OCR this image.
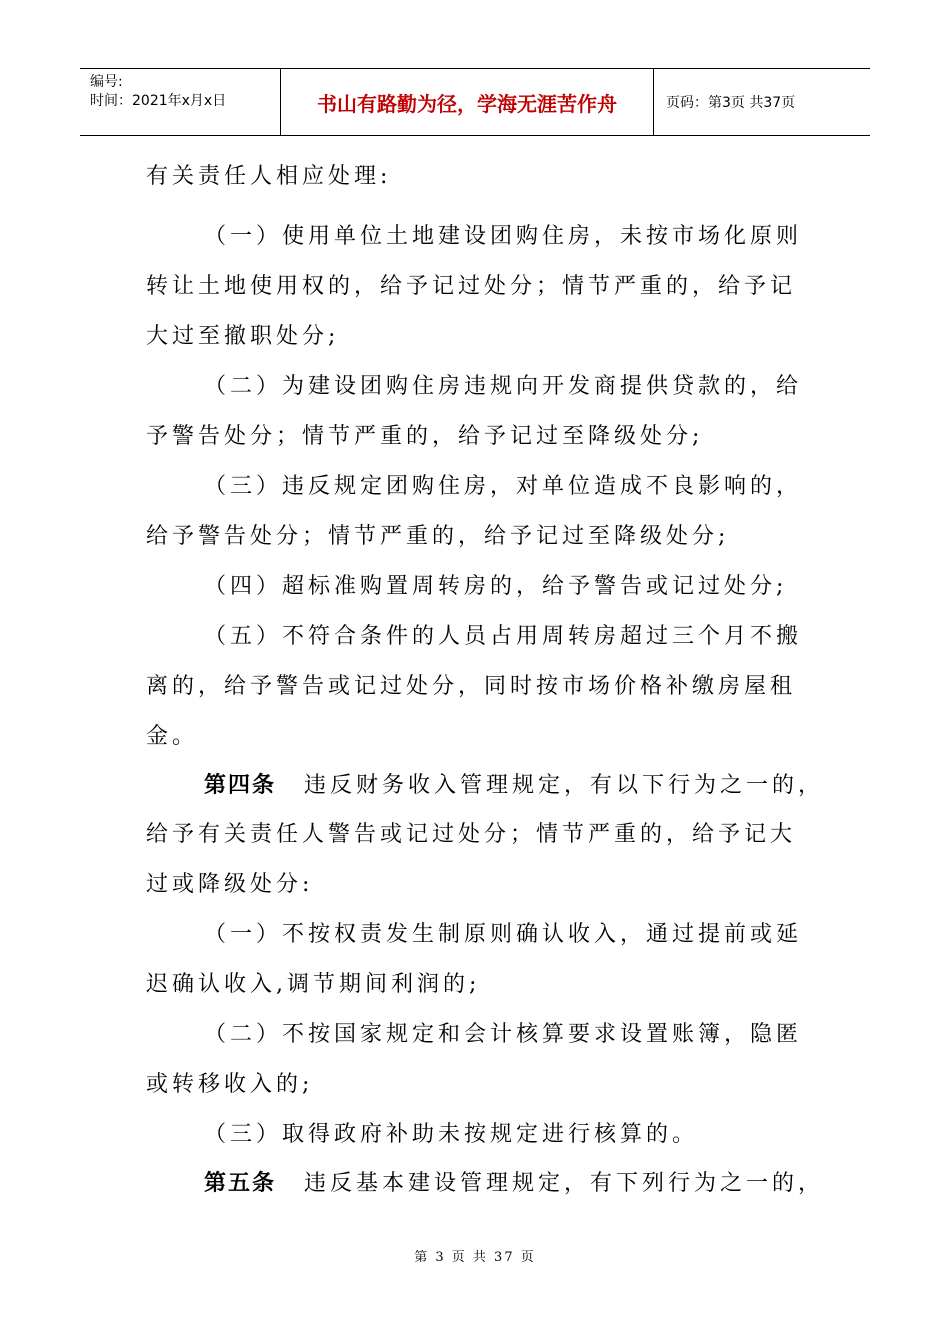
编号:
时间：2021年x月x日	书山有路勤为径，学海无涯苦作舟	页码：第3页 共37页
有关责任人相应处理:
（一）使用单位土地建设团购住房，未按市场化原则
转让土地使用权的，给予记过处分；情节严重的，给予记
大过至撤职处分;
（二）为建设团购住房违规向开发商提供贷款的，给
予警告处分；情节严重的，给予记过至降级处分;
（三）违反规定团购住房，对单位造成不良影响的，
给予警告处分；情节严重的，给予记过至降级处分;
（四）超标准购置周转房的，给予警告或记过处分;
（五）不符合条件的人员占用周转房超过三个月不搬
离的，给予警告或记过处分，同时按市场价格补缴房屋租
金。
第四条 违反财务收入管理规定，有以下行为之一的，
给予有关责任人警告或记过处分；情节严重的，给予记大
过或降级处分:
（一）不按权责发生制原则确认收入，通过提前或延
迟确认收入,调节期间利润的;
（二）不按国家规定和会计核算要求设置账簿，隐匿
或转移收入的;
（三）取得政府补助未按规定进行核算的。
第五条 违反基本建设管理规定，有下列行为之一的，
第 3 页 共 37 页
